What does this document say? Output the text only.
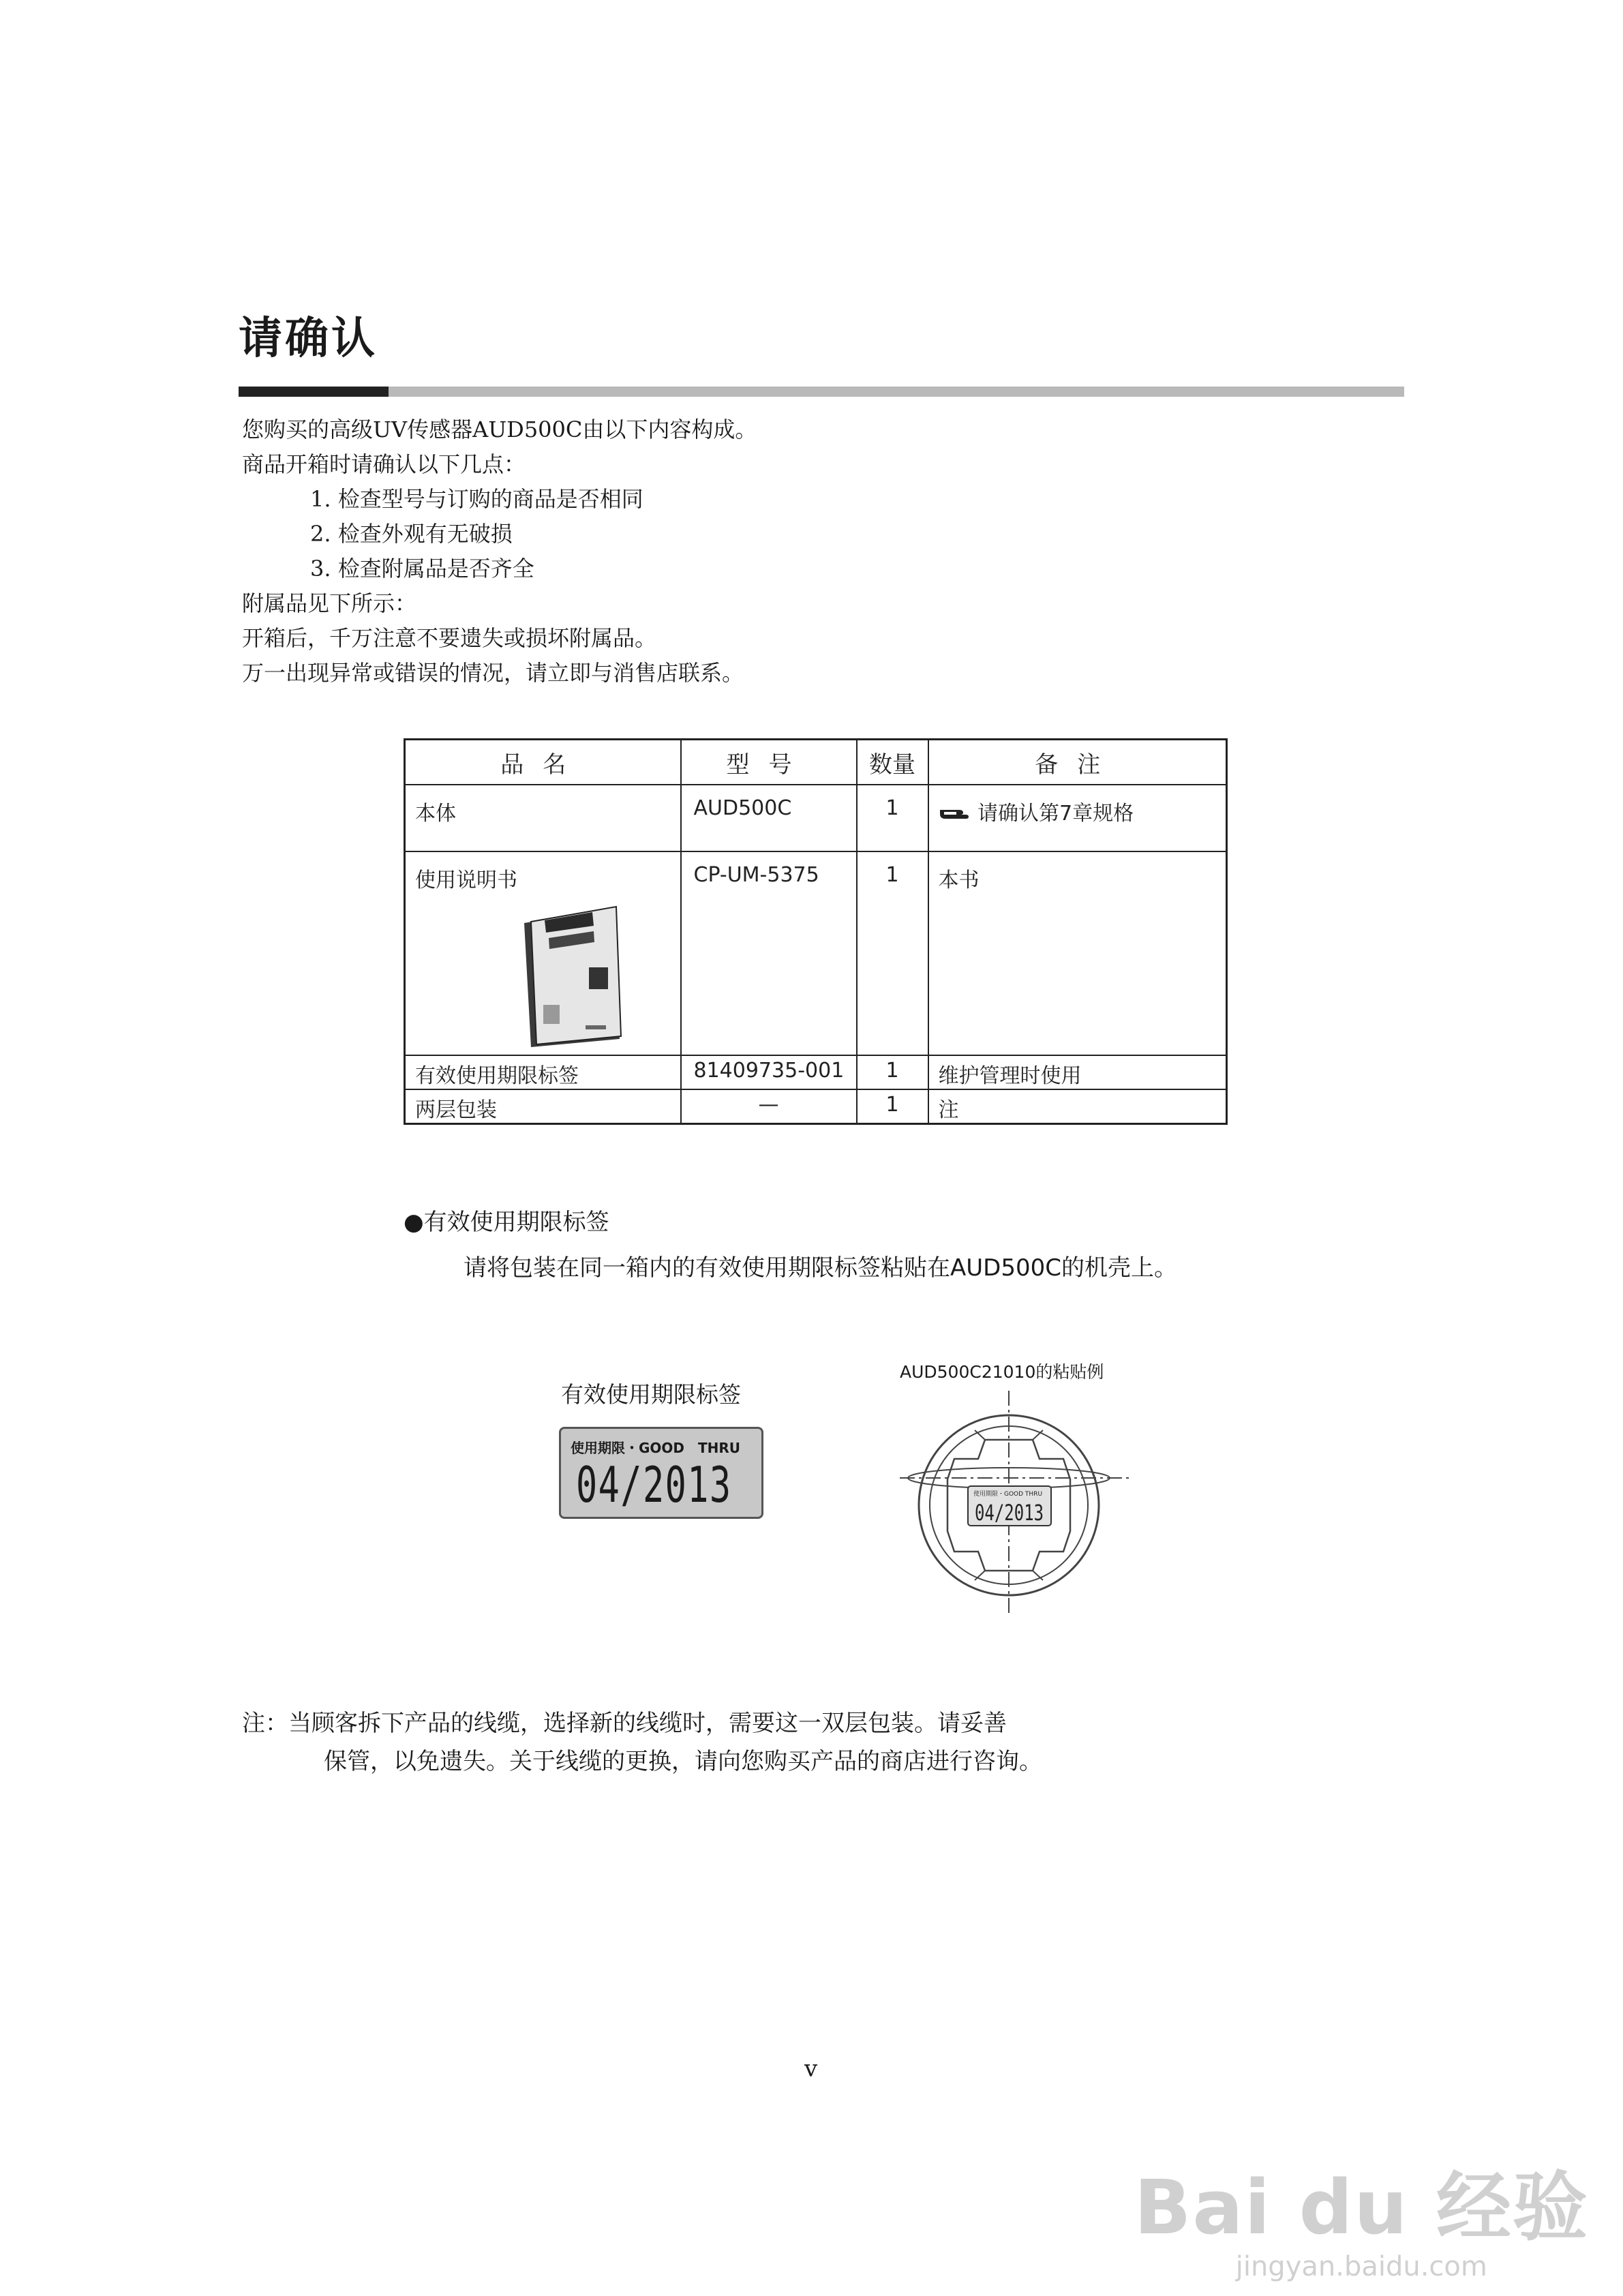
请确认
您购买的高级UV传感器AUD500C由以下内容构成。
商品开箱时请确认以下几点：
1. 检查型号与订购的商品是否相同
2. 检查外观有无破损
3. 检查附属品是否齐全
附属品见下所示：
开箱后，千万注意不要遗失或损坏附属品。
万一出现异常或错误的情况，请立即与消售店联系。
品名	型号	数量	备注
本体	AUD500C	1	请确认第7章规格

使用说明书	CP-UM-5375	1	本书
有效使用期限标签	81409735-001	1	维护管理时使用
两层包装	—	1	注
●有效使用期限标签
请将包装在同一箱内的有效使用期限标签粘贴在AUD500C的机壳上。
有效使用期限标签
AUD500C21010的粘贴例
使用期限・GOOD　THRU
04/2013	使用期限・GOOD THRU
04/2013
注：当顾客拆下产品的线缆，选择新的线缆时，需要这一双层包装。请妥善
保管，以免遗失。关于线缆的更换，请向您购买产品的商店进行咨询。
v
Bai du 经验
jingyan.baidu.com
